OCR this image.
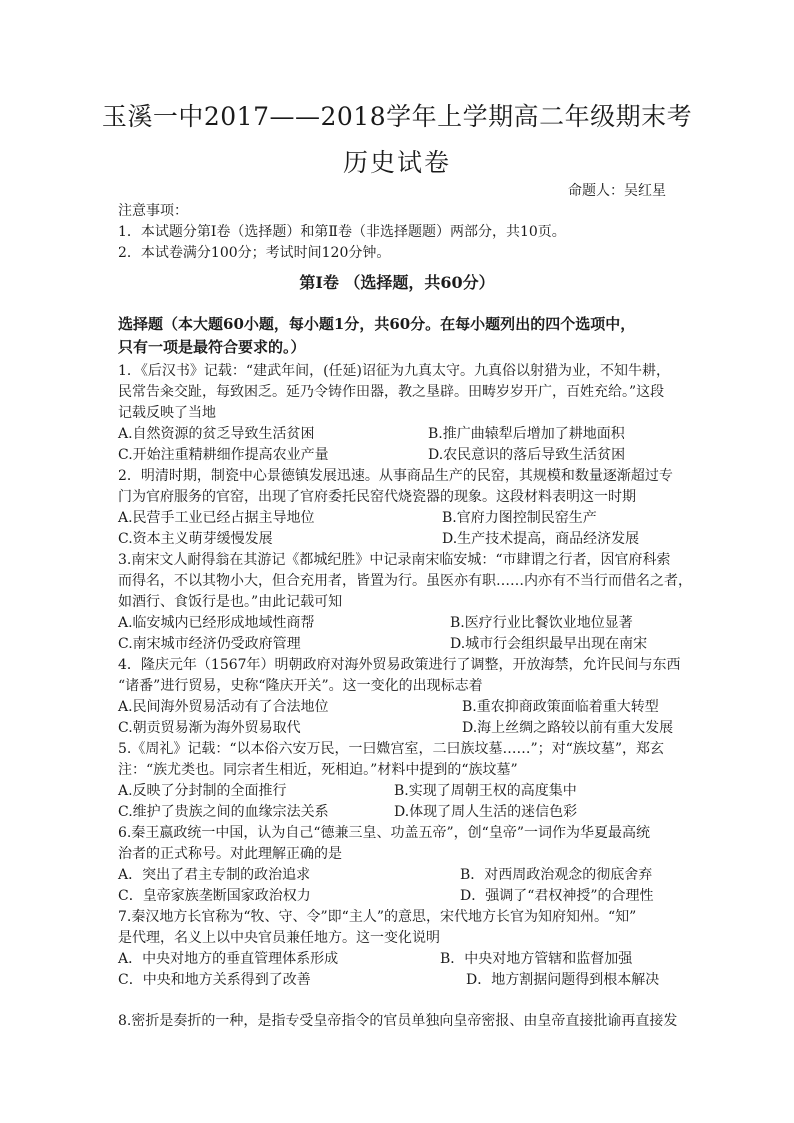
玉溪一中2017——2018学年上学期高二年级期末考
历史试卷
命题人：吴红星
注意事项：
1．本试题分第Ⅰ卷（选择题）和第Ⅱ卷（非选择题题）两部分，共10页。
2．本试卷满分100分；考试时间120分钟。
第Ⅰ卷 （选择题，共60分）
选择题（本大题60小题，每小题1分，共60分。在每小题列出的四个选项中，
只有一项是最符合要求的。）
1．《后汉书》记载：“建武年间，(任延)诏征为九真太守。九真俗以射猎为业，不知牛耕，
民常告籴交趾，每致困乏。延乃令铸作田器，教之垦辟。田畴岁岁开广，百姓充给。”这段
记载反映了当地
A.自然资源的贫乏导致生活贫困	B.推广曲辕犁后增加了耕地面积
C.开始注重精耕细作提高农业产量	D.农民意识的落后导致生活贫困
2．明清时期，制瓷中心景德镇发展迅速。从事商品生产的民窑，其规模和数量逐渐超过专
门为官府服务的官窑，出现了官府委托民窑代烧瓷器的现象。这段材料表明这一时期
A.民营手工业已经占据主导地位	B.官府力图控制民窑生产
C.资本主义萌芽缓慢发展	D.生产技术提高，商品经济发展
3.南宋文人耐得翁在其游记《都城纪胜》中记录南宋临安城：“市肆谓之行者，因官府科索
而得名，不以其物小大，但合充用者，皆置为行。虽医亦有职……内亦有不当行而借名之者，
如酒行、食饭行是也。”由此记载可知
A.临安城内已经形成地域性商帮	B.医疗行业比餐饮业地位显著
C.南宋城市经济仍受政府管理	D.城市行会组织最早出现在南宋
4．隆庆元年（1567年）明朝政府对海外贸易政策进行了调整，开放海禁，允许民间与东西
“诸番”进行贸易，史称“隆庆开关”。这一变化的出现标志着
A.民间海外贸易活动有了合法地位	B.重农抑商政策面临着重大转型
C.朝贡贸易渐为海外贸易取代	D.海上丝绸之路较以前有重大发展
5.《周礼》记载：“以本俗六安万民，一曰媺宫室，二曰族坟墓……”；对“族坟墓”，郑玄
注：“族尤类也。同宗者生相近，死相迫。”材料中提到的“族坟墓”
A.反映了分封制的全面推行	B.实现了周朝王权的高度集中
C.维护了贵族之间的血缘宗法关系	D.体现了周人生活的迷信色彩
6.秦王嬴政统一中国，认为自己“德兼三皇、功盖五帝”，创“皇帝”一词作为华夏最高统
治者的正式称号。对此理解正确的是
A．突出了君主专制的政治追求	B．对西周政治观念的彻底舍弃
C．皇帝家族垄断国家政治权力	D．强调了“君权神授”的合理性
7.秦汉地方长官称为“牧、守、令”即“主人”的意思，宋代地方长官为知府知州。“知”
是代理，名义上以中央官员兼任地方。这一变化说明
A．中央对地方的垂直管理体系形成	B．中央对地方管辖和监督加强
C．中央和地方关系得到了改善	D．地方割据问题得到根本解决
8.密折是奏折的一种，是指专受皇帝指令的官员单独向皇帝密报、由皇帝直接批谕再直接发
